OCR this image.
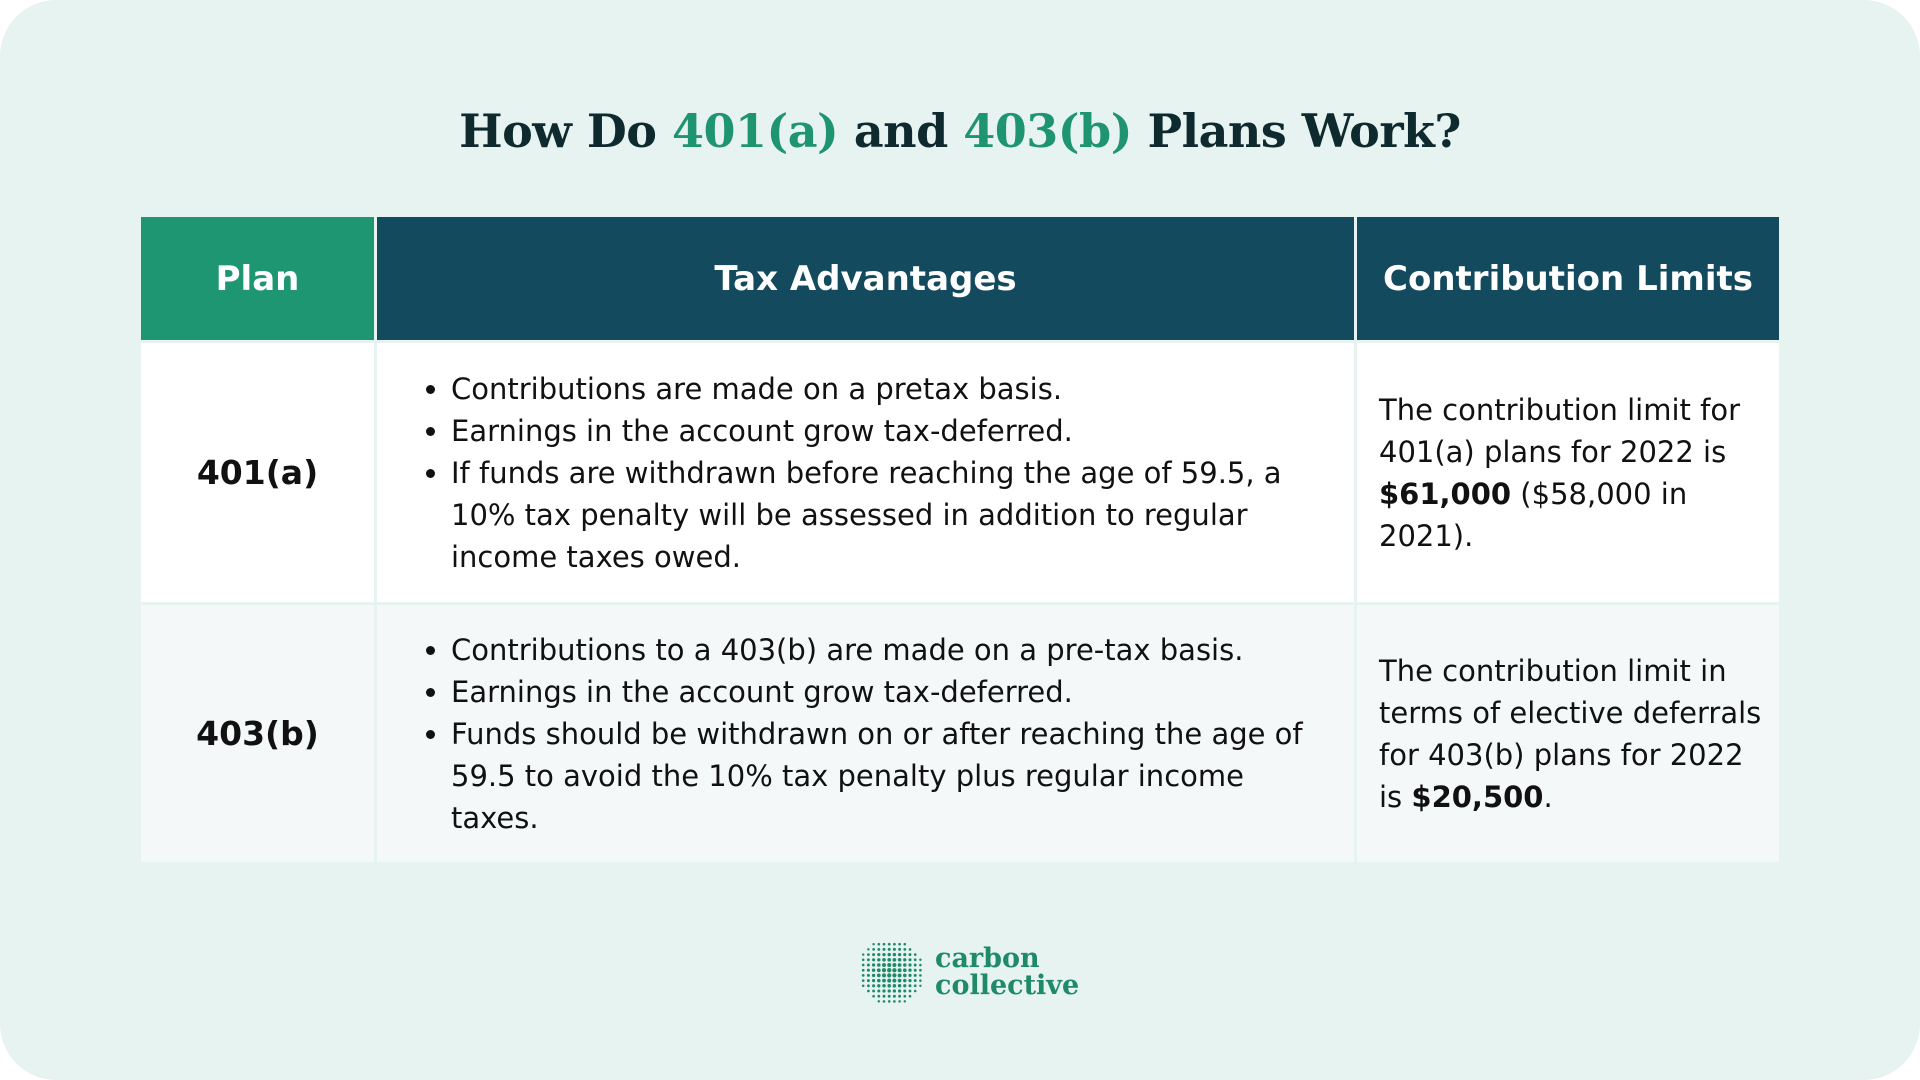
How Do 401(a) and 403(b) Plans Work?
Plan	Tax Advantages	Contribution Limits
401(a)
• Contributions are made on a pretax basis.
• Earnings in the account grow tax-deferred.
• If funds are withdrawn before reaching the age of 59.5, a 10% tax penalty will be assessed in addition to regular income taxes owed.
The contribution limit for 401(a) plans for 2022 is $61,000 ($58,000 in 2021).
403(b)
• Contributions to a 403(b) are made on a pre-tax basis.
• Earnings in the account grow tax-deferred.
• Funds should be withdrawn on or after reaching the age of 59.5 to avoid the 10% tax penalty plus regular income taxes.
The contribution limit in terms of elective deferrals for 403(b) plans for 2022 is $20,500.
carbon
collective
